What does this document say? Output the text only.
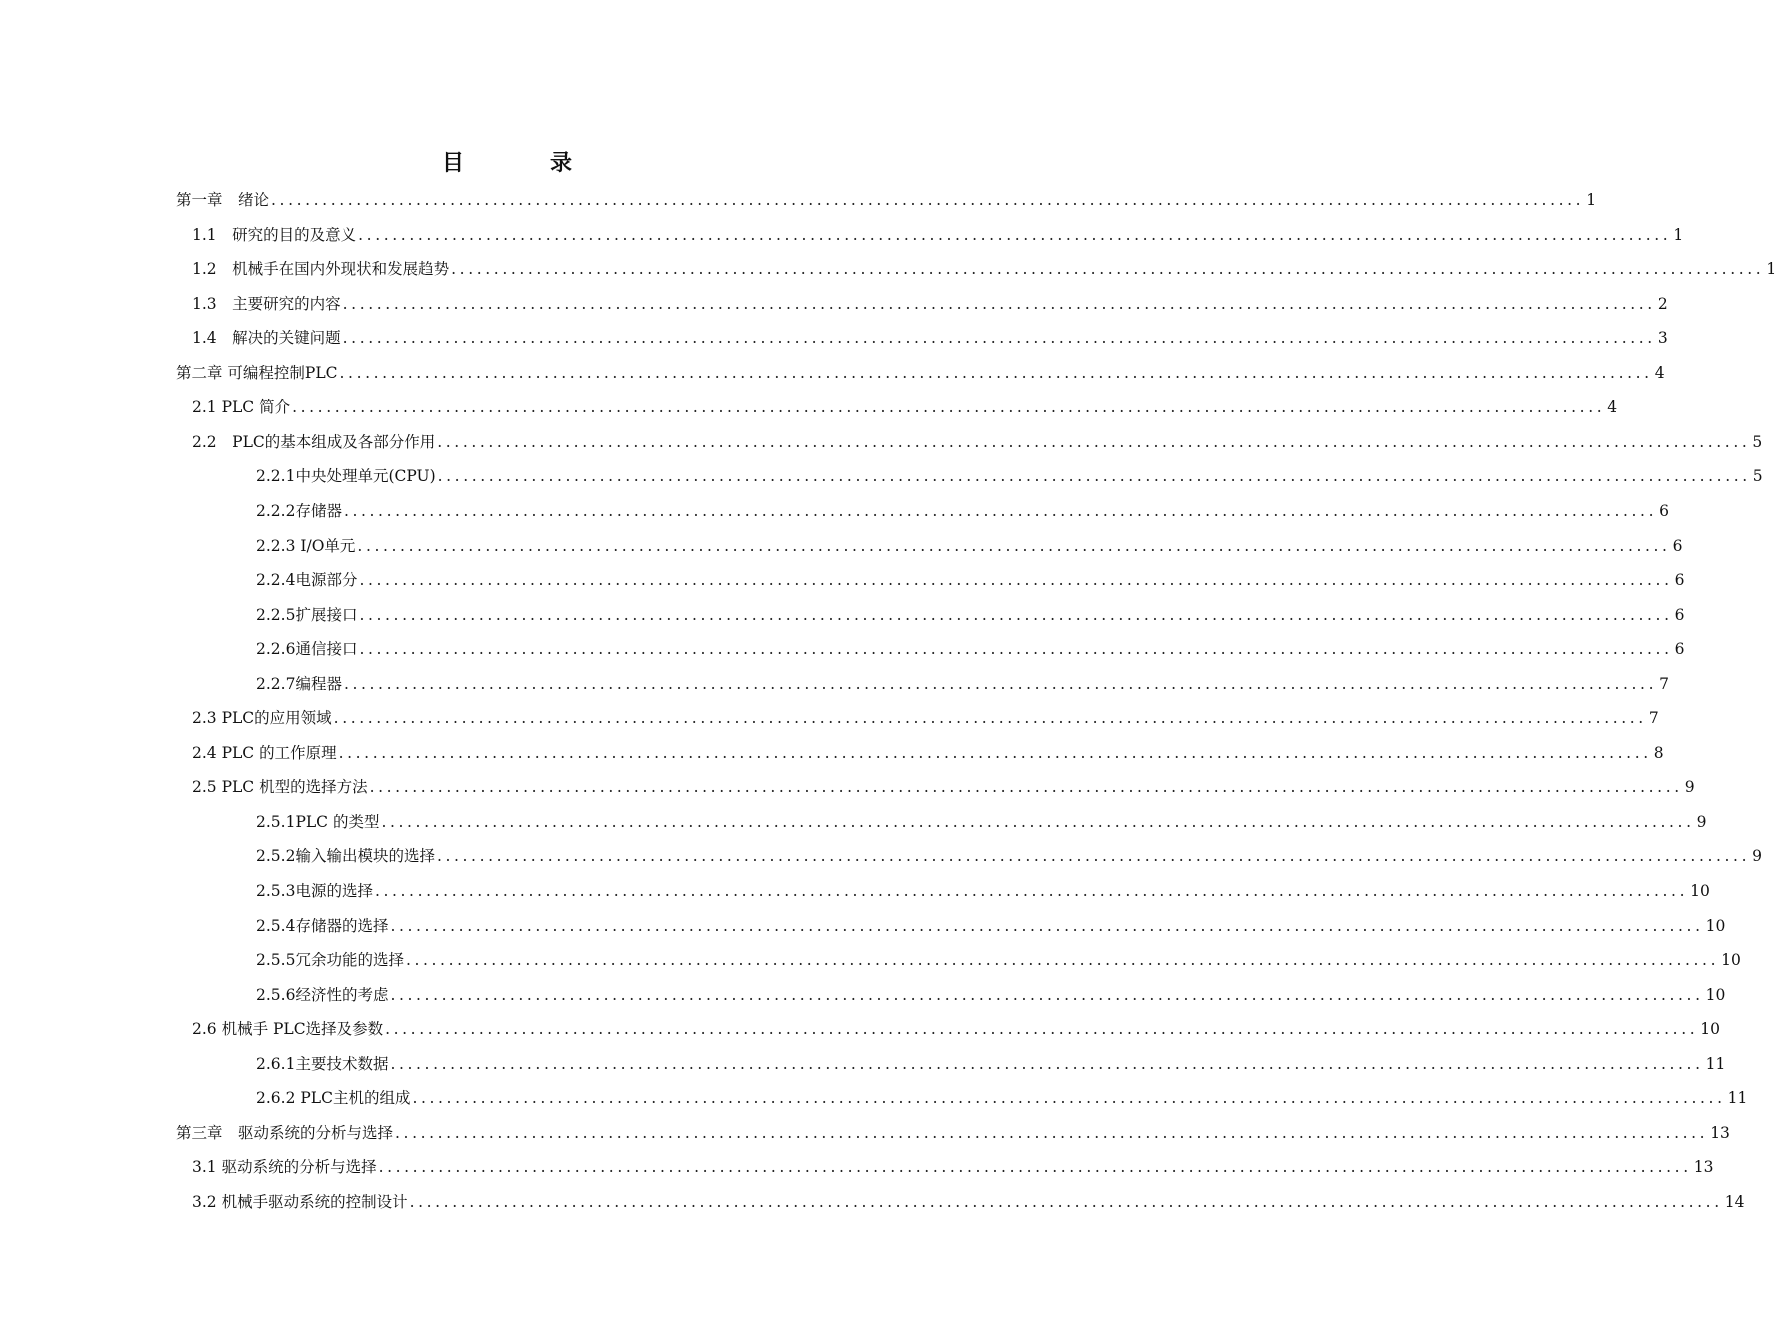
目　录
第一章　绪论 .......................................................................................................................................................... 1
1.1　研究的目的及意义 .......................................................................................................................................................... 1
1.2　机械手在国内外现状和发展趋势 .......................................................................................................................................................... 1
1.3　主要研究的内容 .......................................................................................................................................................... 2
1.4　解决的关键问题 .......................................................................................................................................................... 3
第二章 可编程控制PLC .......................................................................................................................................................... 4
2.1 PLC 简介 .......................................................................................................................................................... 4
2.2　PLC的基本组成及各部分作用 .......................................................................................................................................................... 5
2.2.1中央处理单元(CPU) .......................................................................................................................................................... 5
2.2.2存储器 .......................................................................................................................................................... 6
2.2.3 I/O单元 .......................................................................................................................................................... 6
2.2.4电源部分 .......................................................................................................................................................... 6
2.2.5扩展接口 .......................................................................................................................................................... 6
2.2.6通信接口 .......................................................................................................................................................... 6
2.2.7编程器 .......................................................................................................................................................... 7
2.3 PLC的应用领域 .......................................................................................................................................................... 7
2.4 PLC 的工作原理 .......................................................................................................................................................... 8
2.5 PLC 机型的选择方法 .......................................................................................................................................................... 9
2.5.1PLC 的类型 .......................................................................................................................................................... 9
2.5.2输入输出模块的选择 .......................................................................................................................................................... 9
2.5.3电源的选择 .......................................................................................................................................................... 10
2.5.4存储器的选择 .......................................................................................................................................................... 10
2.5.5冗余功能的选择 .......................................................................................................................................................... 10
2.5.6经济性的考虑 .......................................................................................................................................................... 10
2.6 机械手 PLC选择及参数 .......................................................................................................................................................... 10
2.6.1主要技术数据 .......................................................................................................................................................... 11
2.6.2 PLC主机的组成 .......................................................................................................................................................... 11
第三章　驱动系统的分析与选择 .......................................................................................................................................................... 13
3.1 驱动系统的分析与选择 .......................................................................................................................................................... 13
3.2 机械手驱动系统的控制设计 .......................................................................................................................................................... 14
